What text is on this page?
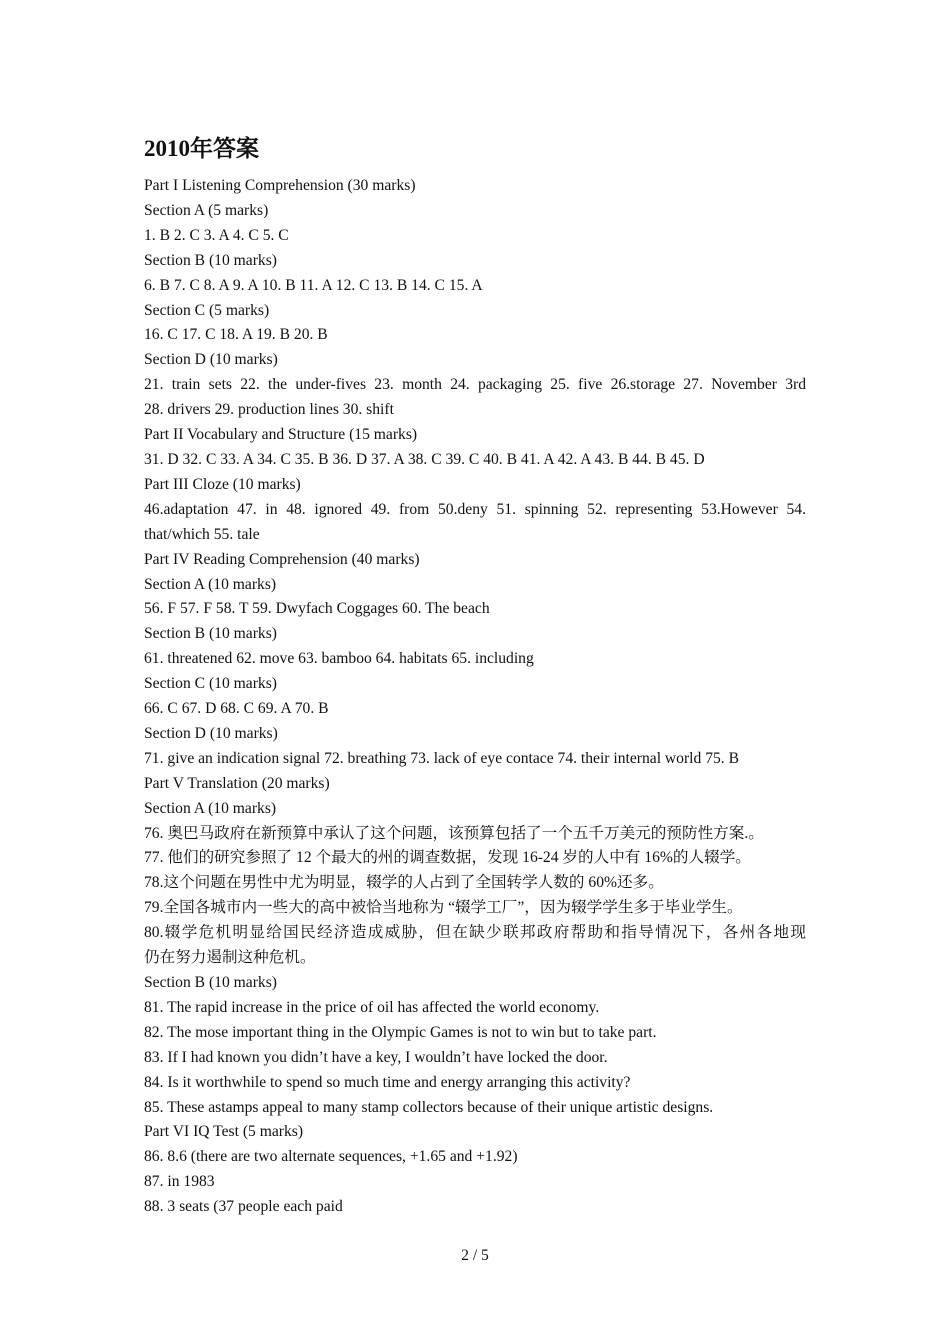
2010年答案
Part I Listening Comprehension (30 marks)
Section A (5 marks)
1. B 2. C 3. A 4. C 5. C
Section B (10 marks)
6. B 7. C 8. A 9. A 10. B 11. A 12. C 13. B 14. C 15. A
Section C (5 marks)
16. C 17. C 18. A 19. B 20. B
Section D (10 marks)
21. train sets 22. the under-fives 23. month 24. packaging 25. five 26.storage 27. November 3rd
28. drivers 29. production lines 30. shift
Part II Vocabulary and Structure (15 marks)
31. D 32. C 33. A 34. C 35. B 36. D 37. A 38. C 39. C 40. B 41. A 42. A 43. B 44. B 45. D
Part III Cloze (10 marks)
46.adaptation 47. in 48. ignored 49. from 50.deny 51. spinning 52. representing 53.However 54.
that/which 55. tale
Part IV Reading Comprehension (40 marks)
Section A (10 marks)
56. F 57. F 58. T 59. Dwyfach Coggages 60. The beach
Section B (10 marks)
61. threatened 62. move 63. bamboo 64. habitats 65. including
Section C (10 marks)
66. C 67. D 68. C 69. A 70. B
Section D (10 marks)
71. give an indication signal 72. breathing 73. lack of eye contace 74. their internal world 75. B
Part V Translation (20 marks)
Section A (10 marks)
76. 奥巴马政府在新预算中承认了这个问题，该预算包括了一个五千万美元的预防性方案.。
77. 他们的研究参照了 12 个最大的州的调查数据，发现 16-24 岁的人中有 16%的人辍学。
78.这个问题在男性中尤为明显，辍学的人占到了全国转学人数的 60%还多。
79.全国各城市内一些大的高中被恰当地称为 “辍学工厂”，因为辍学学生多于毕业学生。
80.辍学危机明显给国民经济造成威胁，但在缺少联邦政府帮助和指导情况下，各州各地现
仍在努力遏制这种危机。
Section B (10 marks)
81. The rapid increase in the price of oil has affected the world economy.
82. The mose important thing in the Olympic Games is not to win but to take part.
83. If I had known you didn’t have a key, I wouldn’t have locked the door.
84. Is it worthwhile to spend so much time and energy arranging this activity?
85. These astamps appeal to many stamp collectors because of their unique artistic designs.
Part VI IQ Test (5 marks)
86. 8.6 (there are two alternate sequences, +1.65 and +1.92)
87. in 1983
88. 3 seats (37 people each paid
2 / 5
